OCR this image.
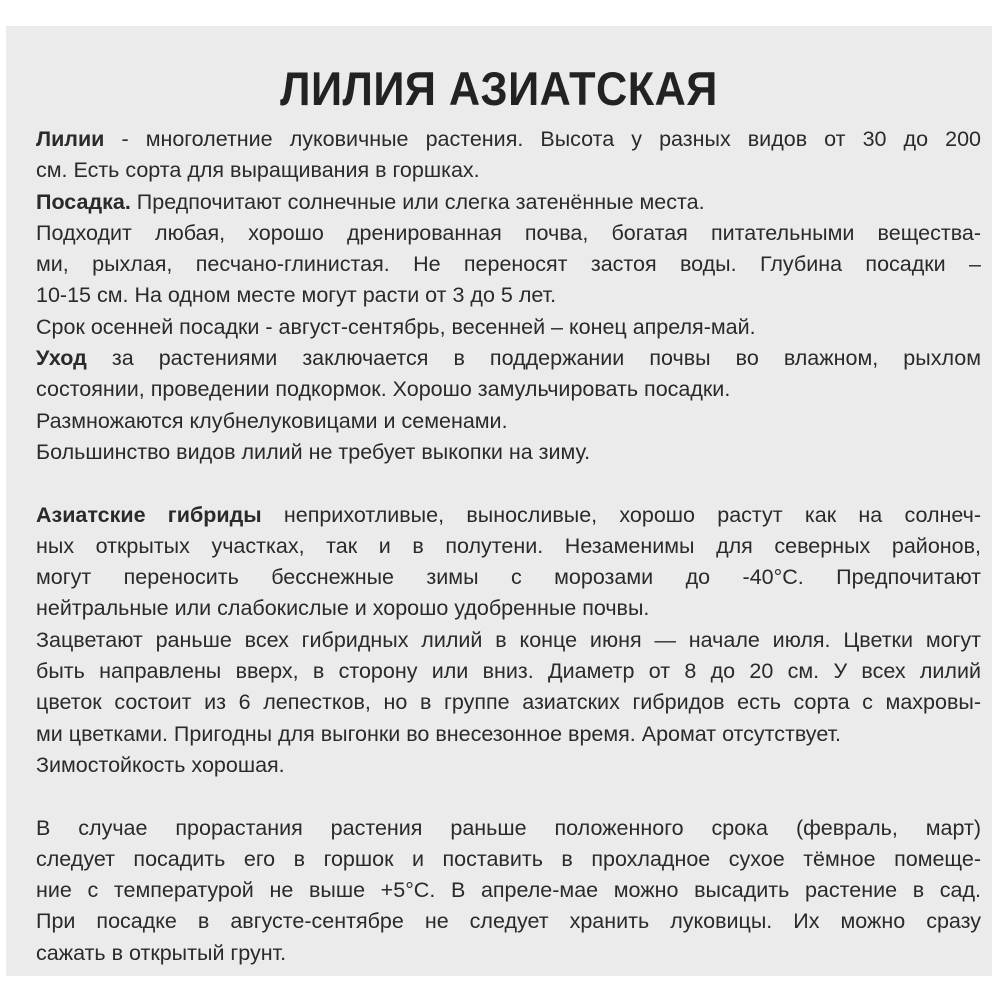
ЛИЛИЯ АЗИАТСКАЯ
Лилии - многолетние луковичные растения. Высота у разных видов от 30 до 200
см. Есть сорта для выращивания в горшках.
Посадка. Предпочитают солнечные или слегка затенённые места.
Подходит любая, хорошо дренированная почва, богатая питательными вещества-
ми, рыхлая, песчано-глинистая. Не переносят застоя воды. Глубина посадки –
10-15 см. На одном месте могут расти от 3 до 5 лет.
Срок осенней посадки - август-сентябрь, весенней – конец апреля-май.
Уход за растениями заключается в поддержании почвы во влажном, рыхлом
состоянии, проведении подкормок. Хорошо замульчировать посадки.
Размножаются клубнелуковицами и семенами.
Большинство видов лилий не требует выкопки на зиму.
Азиатские гибриды неприхотливые, выносливые, хорошо растут как на солнеч-
ных открытых участках, так и в полутени. Незаменимы для северных районов,
могут переносить бесснежные зимы с морозами до -40°С. Предпочитают
нейтральные или слабокислые и хорошо удобренные почвы.
Зацветают раньше всех гибридных лилий в конце июня — начале июля. Цветки могут
быть направлены вверх, в сторону или вниз. Диаметр от 8 до 20 см. У всех лилий
цветок состоит из 6 лепестков, но в группе азиатских гибридов есть сорта с махровы-
ми цветками. Пригодны для выгонки во внесезонное время. Аромат отсутствует.
Зимостойкость хорошая.
В случае прорастания растения раньше положенного срока (февраль, март)
следует посадить его в горшок и поставить в прохладное сухое тёмное помеще-
ние с температурой не выше +5°С. В апреле-мае можно высадить растение в сад.
При посадке в августе-сентябре не следует хранить луковицы. Их можно сразу
сажать в открытый грунт.
